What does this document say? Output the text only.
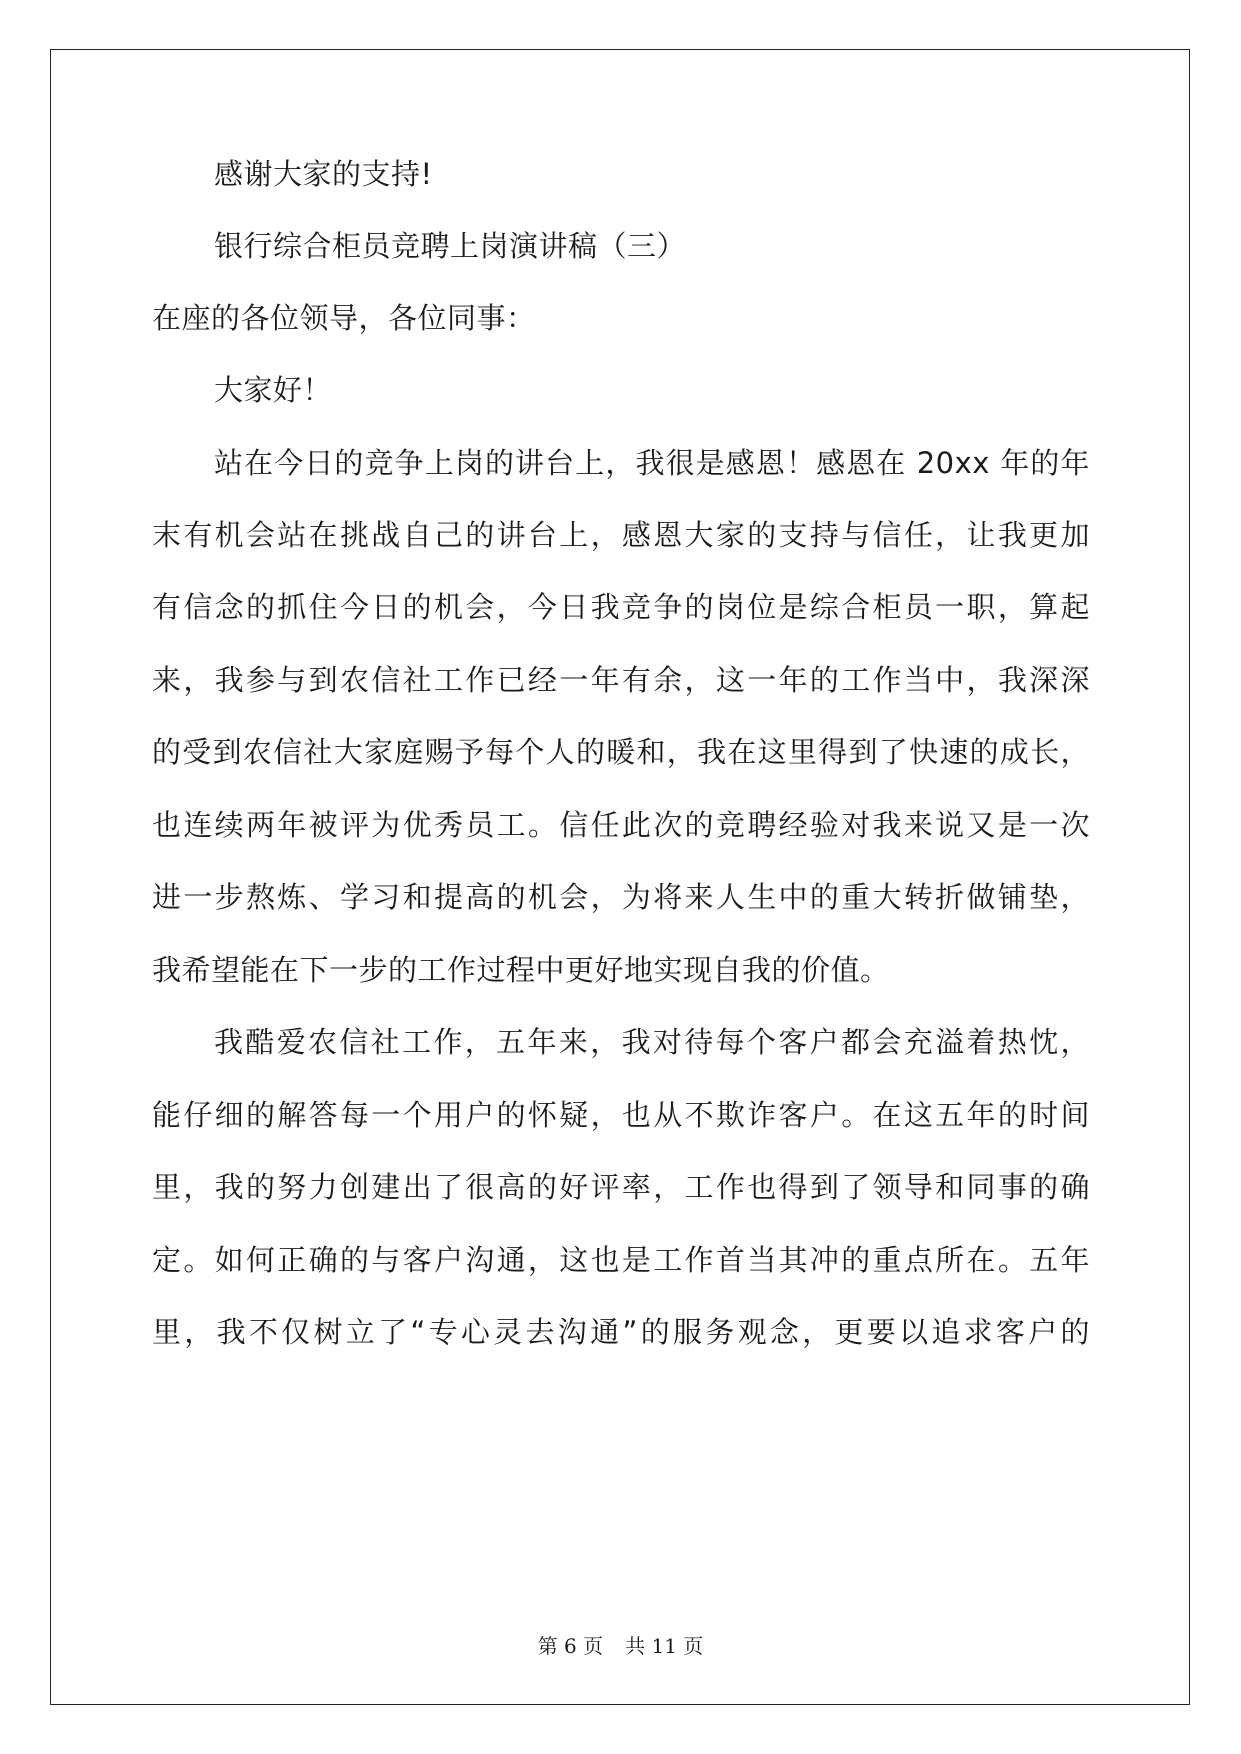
感谢大家的支持!
银行综合柜员竞聘上岗演讲稿（三）
在座的各位领导，各位同事：
大家好！
站在今日的竞争上岗的讲台上，我很是感恩！感恩在 20xx 年的年
末有机会站在挑战自己的讲台上，感恩大家的支持与信任，让我更加
有信念的抓住今日的机会，今日我竞争的岗位是综合柜员一职，算起
来，我参与到农信社工作已经一年有余，这一年的工作当中，我深深
的受到农信社大家庭赐予每个人的暖和，我在这里得到了快速的成长，
也连续两年被评为优秀员工。信任此次的竞聘经验对我来说又是一次
进一步熬炼、学习和提高的机会，为将来人生中的重大转折做铺垫，
我希望能在下一步的工作过程中更好地实现自我的价值。
我酷爱农信社工作，五年来，我对待每个客户都会充溢着热忱，
能仔细的解答每一个用户的怀疑，也从不欺诈客户。在这五年的时间
里，我的努力创建出了很高的好评率，工作也得到了领导和同事的确
定。如何正确的与客户沟通，这也是工作首当其冲的重点所在。五年
里，我不仅树立了“专心灵去沟通”的服务观念，更要以追求客户的
第 6 页 共 11 页
